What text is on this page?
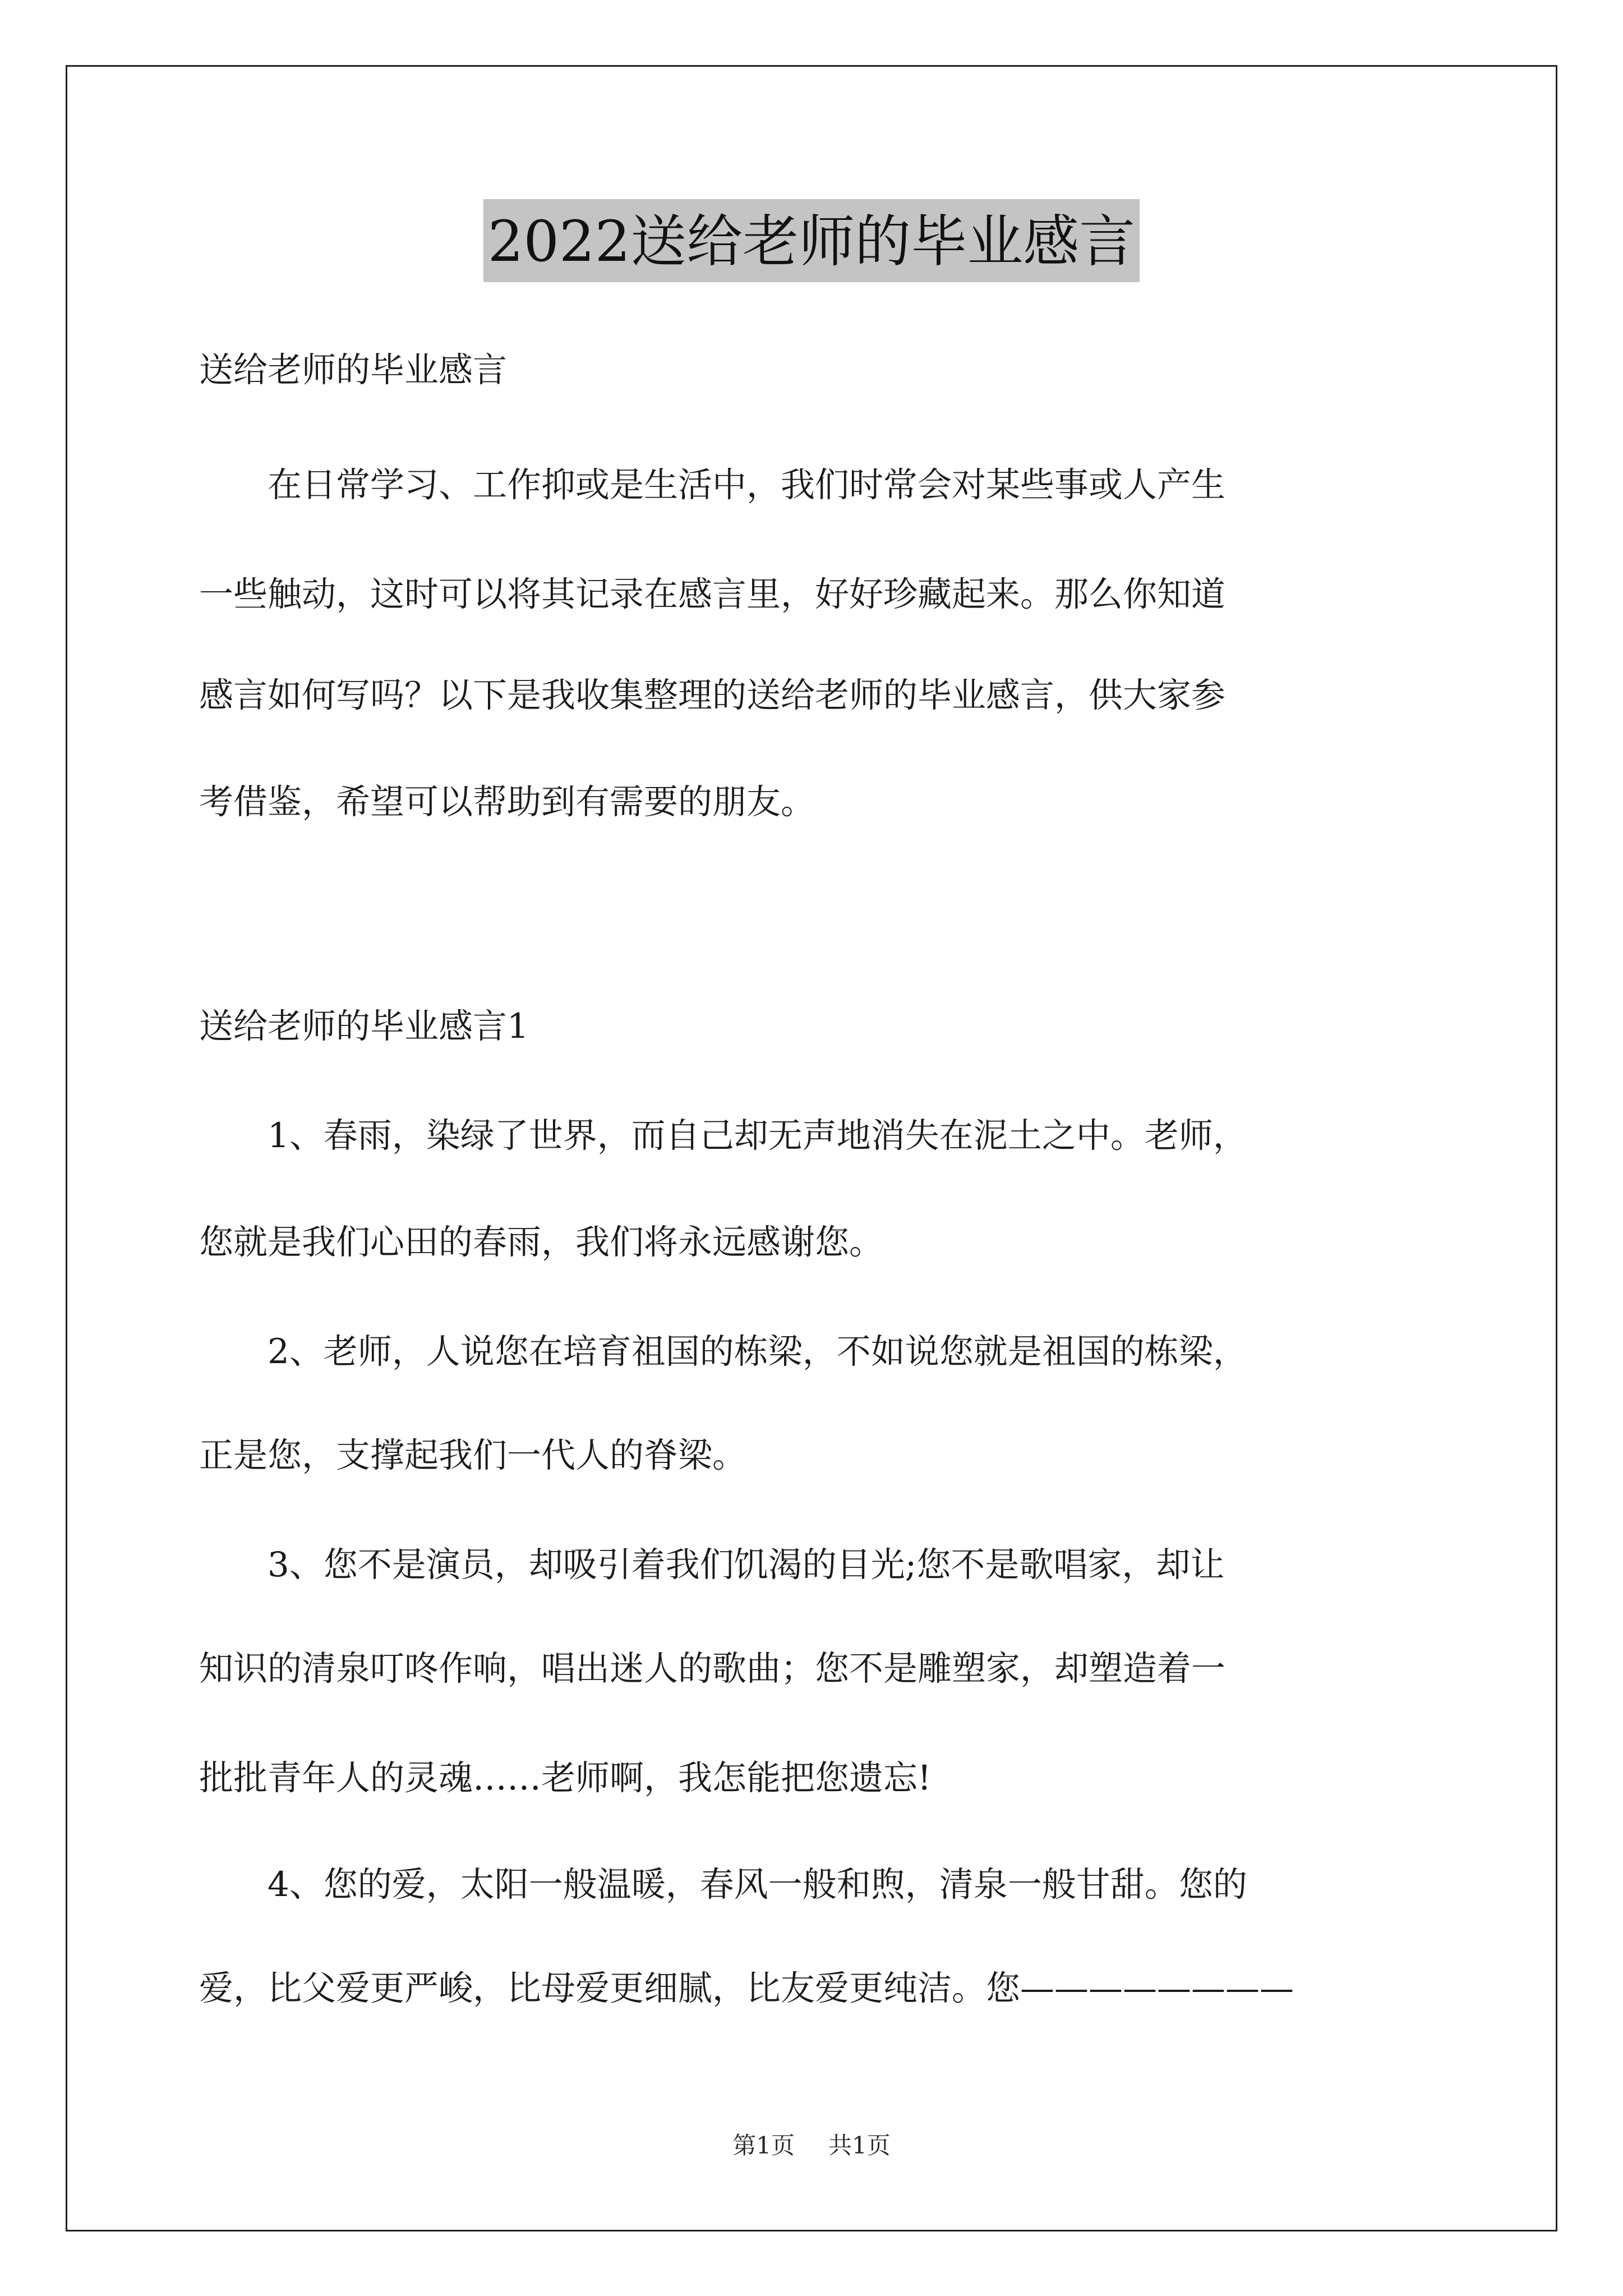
2022送给老师的毕业感言
送给老师的毕业感言
　　在日常学习、工作抑或是生活中，我们时常会对某些事或人产生
一些触动，这时可以将其记录在感言里，好好珍藏起来。那么你知道
感言如何写吗？以下是我收集整理的送给老师的毕业感言，供大家参
考借鉴，希望可以帮助到有需要的朋友。
送给老师的毕业感言1
　　1、春雨，染绿了世界，而自己却无声地消失在泥土之中。老师，
您就是我们心田的春雨，我们将永远感谢您。
　　2、老师，人说您在培育祖国的栋梁，不如说您就是祖国的栋梁，
正是您，支撑起我们一代人的脊梁。
　　3、您不是演员，却吸引着我们饥渴的目光;您不是歌唱家，却让
知识的清泉叮咚作响，唱出迷人的歌曲；您不是雕塑家，却塑造着一
批批青年人的灵魂……老师啊，我怎能把您遗忘!
　　4、您的爱，太阳一般温暖，春风一般和煦，清泉一般甘甜。您的
爱，比父爱更严峻，比母爱更细腻，比友爱更纯洁。您————————
第1页 共1页
